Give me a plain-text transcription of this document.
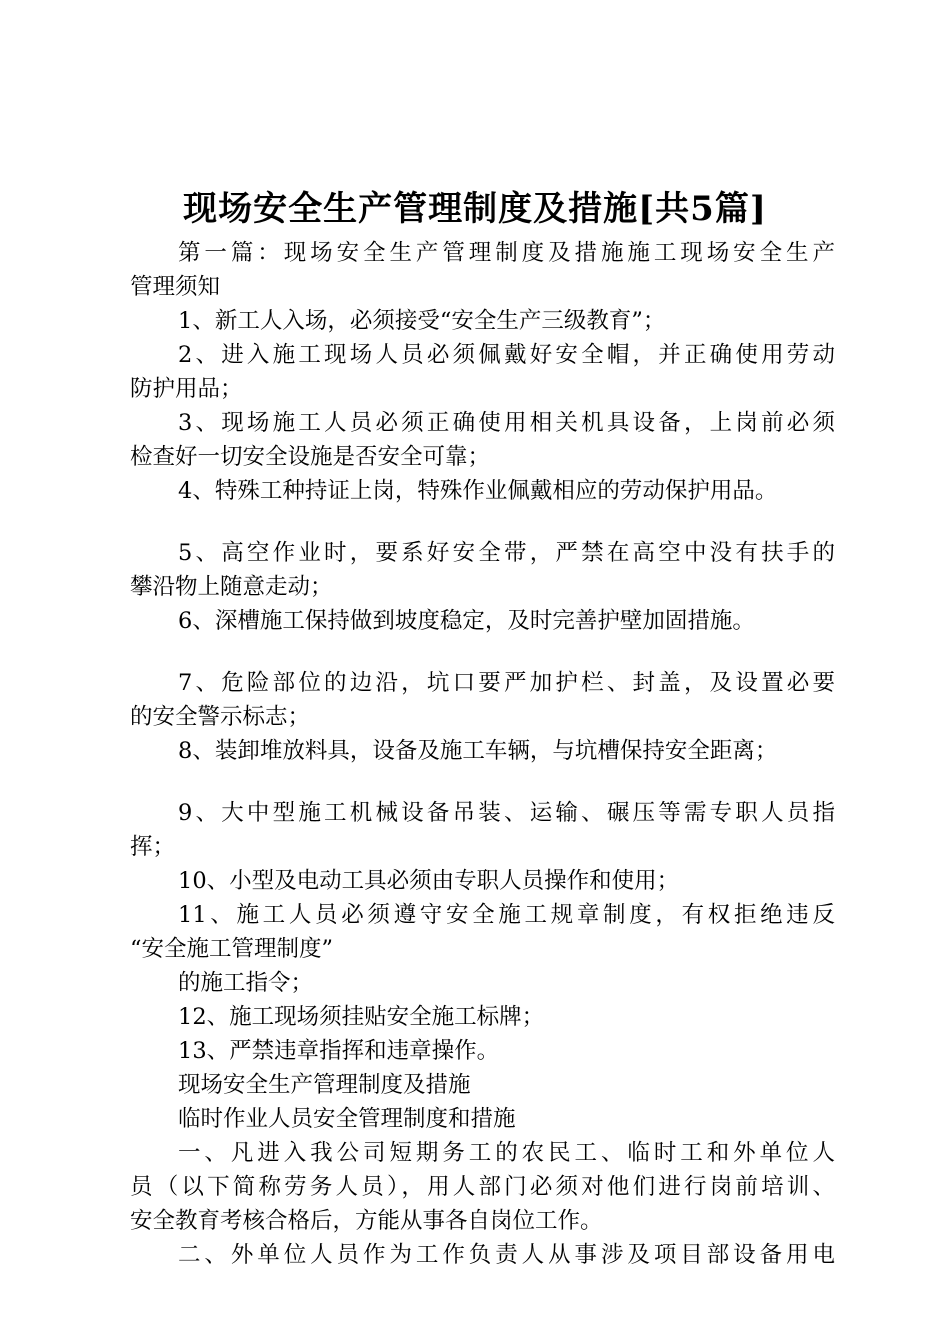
现场安全生产管理制度及措施[共5篇]
第一篇：现场安全生产管理制度及措施施工现场安全生产
管理须知
1、新工人入场，必须接受“安全生产三级教育”；
2、进入施工现场人员必须佩戴好安全帽，并正确使用劳动
防护用品；
3、现场施工人员必须正确使用相关机具设备，上岗前必须
检查好一切安全设施是否安全可靠；
4、特殊工种持证上岗，特殊作业佩戴相应的劳动保护用品。
5、高空作业时，要系好安全带，严禁在高空中没有扶手的
攀沿物上随意走动；
6、深槽施工保持做到坡度稳定，及时完善护壁加固措施。
7、危险部位的边沿，坑口要严加护栏、封盖，及设置必要
的安全警示标志；
8、装卸堆放料具，设备及施工车辆，与坑槽保持安全距离；
9、大中型施工机械设备吊装、运输、碾压等需专职人员指
挥；
10、小型及电动工具必须由专职人员操作和使用；
11、施工人员必须遵守安全施工规章制度，有权拒绝违反
“安全施工管理制度”
的施工指令；
12、施工现场须挂贴安全施工标牌；
13、严禁违章指挥和违章操作。
现场安全生产管理制度及措施
临时作业人员安全管理制度和措施
一、凡进入我公司短期务工的农民工、临时工和外单位人
员（以下简称劳务人员），用人部门必须对他们进行岗前培训、
安全教育考核合格后，方能从事各自岗位工作。
二、外单位人员作为工作负责人从事涉及项目部设备用电
